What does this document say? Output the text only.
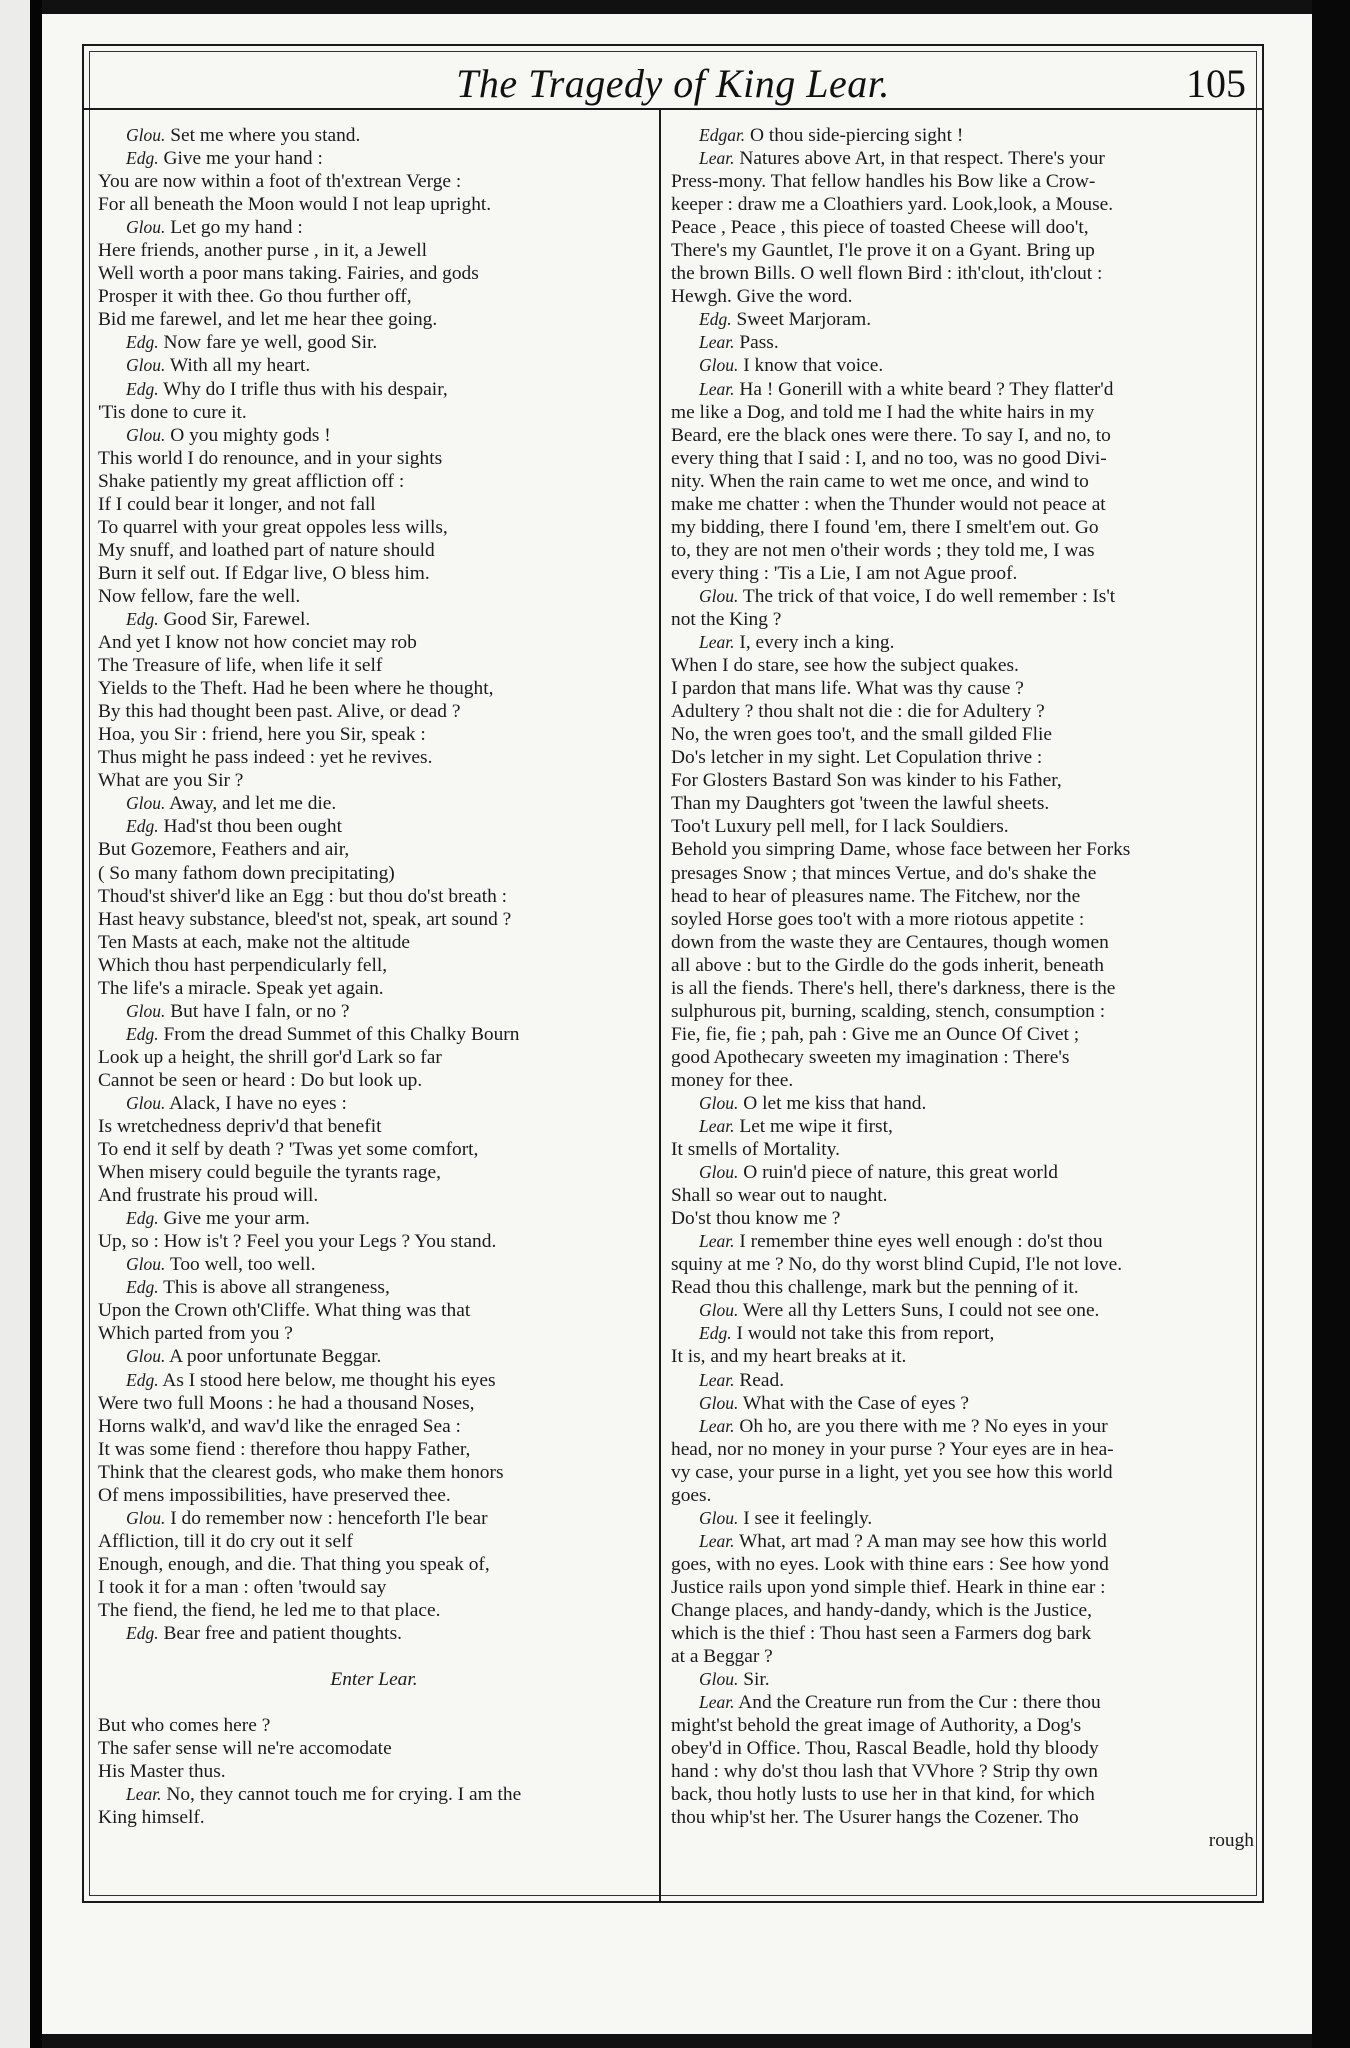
The Tragedy of King Lear.	105
Glou. Set me where you stand.
Edg. Give me your hand :
You are now within a foot of th'extrean Verge :
For all beneath the Moon would I not leap upright.
Glou. Let go my hand :
Here friends, another purse , in it, a Jewell
Well worth a poor mans taking. Fairies, and gods
Prosper it with thee. Go thou further off,
Bid me farewel, and let me hear thee going.
Edg. Now fare ye well, good Sir.
Glou. With all my heart.
Edg. Why do I trifle thus with his despair,
'Tis done to cure it.
Glou. O you mighty gods !
This world I do renounce, and in your sights
Shake patiently my great affliction off :
If I could bear it longer, and not fall
To quarrel with your great oppoles less wills,
My snuff, and loathed part of nature should
Burn it self out. If Edgar live, O bless him.
Now fellow, fare the well.
Edg. Good Sir, Farewel.
And yet I know not how conciet may rob
The Treasure of life, when life it self
Yields to the Theft. Had he been where he thought,
By this had thought been past. Alive, or dead ?
Hoa, you Sir : friend, here you Sir, speak :
Thus might he pass indeed : yet he revives.
What are you Sir ?
Glou. Away, and let me die.
Edg. Had'st thou been ought
But Gozemore, Feathers and air,
( So many fathom down precipitating)
Thoud'st shiver'd like an Egg : but thou do'st breath :
Hast heavy substance, bleed'st not, speak, art sound ?
Ten Masts at each, make not the altitude
Which thou hast perpendicularly fell,
The life's a miracle. Speak yet again.
Glou. But have I faln, or no ?
Edg. From the dread Summet of this Chalky Bourn
Look up a height, the shrill gor'd Lark so far
Cannot be seen or heard : Do but look up.
Glou. Alack, I have no eyes :
Is wretchedness depriv'd that benefit
To end it self by death ? 'Twas yet some comfort,
When misery could beguile the tyrants rage,
And frustrate his proud will.
Edg. Give me your arm.
Up, so : How is't ? Feel you your Legs ? You stand.
Glou. Too well, too well.
Edg. This is above all strangeness,
Upon the Crown oth'Cliffe. What thing was that
Which parted from you ?
Glou. A poor unfortunate Beggar.
Edg. As I stood here below, me thought his eyes
Were two full Moons : he had a thousand Noses,
Horns walk'd, and wav'd like the enraged Sea :
It was some fiend : therefore thou happy Father,
Think that the clearest gods, who make them honors
Of mens impossibilities, have preserved thee.
Glou. I do remember now : henceforth I'le bear
Affliction, till it do cry out it self
Enough, enough, and die. That thing you speak of,
I took it for a man : often 'twould say
The fiend, the fiend, he led me to that place.
Edg. Bear free and patient thoughts.
Enter Lear.
But who comes here ?
The safer sense will ne're accomodate
His Master thus.
Lear. No, they cannot touch me for crying. I am the
King himself.
Edgar. O thou side-piercing sight !
Lear. Natures above Art, in that respect. There's your
Press-mony. That fellow handles his Bow like a Crow-
keeper : draw me a Cloathiers yard. Look,look, a Mouse.
Peace , Peace , this piece of toasted Cheese will doo't,
There's my Gauntlet, I'le prove it on a Gyant. Bring up
the brown Bills. O well flown Bird : ith'clout, ith'clout :
Hewgh. Give the word.
Edg. Sweet Marjoram.
Lear. Pass.
Glou. I know that voice.
Lear. Ha ! Gonerill with a white beard ? They flatter'd
me like a Dog, and told me I had the white hairs in my
Beard, ere the black ones were there. To say I, and no, to
every thing that I said : I, and no too, was no good Divi-
nity. When the rain came to wet me once, and wind to
make me chatter : when the Thunder would not peace at
my bidding, there I found 'em, there I smelt'em out. Go
to, they are not men o'their words ; they told me, I was
every thing : 'Tis a Lie, I am not Ague proof.
Glou. The trick of that voice, I do well remember : Is't
not the King ?
Lear. I, every inch a king.
When I do stare, see how the subject quakes.
I pardon that mans life. What was thy cause ?
Adultery ? thou shalt not die : die for Adultery ?
No, the wren goes too't, and the small gilded Flie
Do's letcher in my sight. Let Copulation thrive :
For Glosters Bastard Son was kinder to his Father,
Than my Daughters got 'tween the lawful sheets.
Too't Luxury pell mell, for I lack Souldiers.
Behold you simpring Dame, whose face between her Forks
presages Snow ; that minces Vertue, and do's shake the
head to hear of pleasures name. The Fitchew, nor the
soyled Horse goes too't with a more riotous appetite :
down from the waste they are Centaures, though women
all above : but to the Girdle do the gods inherit, beneath
is all the fiends. There's hell, there's darkness, there is the
sulphurous pit, burning, scalding, stench, consumption :
Fie, fie, fie ; pah, pah : Give me an Ounce Of Civet ;
good Apothecary sweeten my imagination : There's
money for thee.
Glou. O let me kiss that hand.
Lear. Let me wipe it first,
It smells of Mortality.
Glou. O ruin'd piece of nature, this great world
Shall so wear out to naught.
Do'st thou know me ?
Lear. I remember thine eyes well enough : do'st thou
squiny at me ? No, do thy worst blind Cupid, I'le not love.
Read thou this challenge, mark but the penning of it.
Glou. Were all thy Letters Suns, I could not see one.
Edg. I would not take this from report,
It is, and my heart breaks at it.
Lear. Read.
Glou. What with the Case of eyes ?
Lear. Oh ho, are you there with me ? No eyes in your
head, nor no money in your purse ? Your eyes are in hea-
vy case, your purse in a light, yet you see how this world
goes.
Glou. I see it feelingly.
Lear. What, art mad ? A man may see how this world
goes, with no eyes. Look with thine ears : See how yond
Justice rails upon yond simple thief. Heark in thine ear :
Change places, and handy-dandy, which is the Justice,
which is the thief : Thou hast seen a Farmers dog bark
at a Beggar ?
Glou. Sir.
Lear. And the Creature run from the Cur : there thou
might'st behold the great image of Authority, a Dog's
obey'd in Office. Thou, Rascal Beadle, hold thy bloody
hand : why do'st thou lash that VVhore ? Strip thy own
back, thou hotly lusts to use her in that kind, for which
thou whip'st her. The Usurer hangs the Cozener. Tho
rough
